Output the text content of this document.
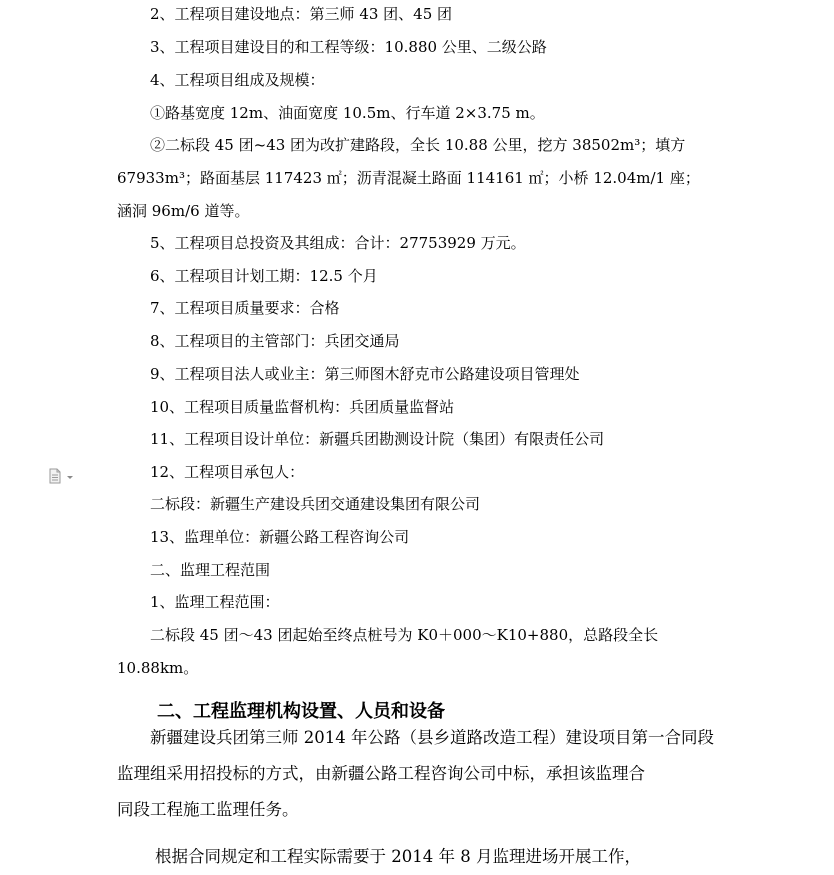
2、工程项目建设地点：第三师 43 团、45 团
3、工程项目建设目的和工程等级：10.880 公里、二级公路
4、工程项目组成及规模：
①路基宽度 12m、油面宽度 10.5m、行车道 2×3.75 m。
②二标段 45 团~43 团为改扩建路段，全长 10.88 公里，挖方 38502m³；填方
67933m³；路面基层 117423 ㎡；沥青混凝土路面 114161 ㎡；小桥 12.04m/1 座；
涵洞 96m/6 道等。
5、工程项目总投资及其组成：合计：27753929 万元。
6、工程项目计划工期：12.5 个月
7、工程项目质量要求：合格
8、工程项目的主管部门：兵团交通局
9、工程项目法人或业主：第三师图木舒克市公路建设项目管理处
10、工程项目质量监督机构：兵团质量监督站
11、工程项目设计单位：新疆兵团勘测设计院（集团）有限责任公司
12、工程项目承包人：
二标段：新疆生产建设兵团交通建设集团有限公司
13、监理单位：新疆公路工程咨询公司
二、监理工程范围
1、监理工程范围：
二标段 45 团～43 团起始至终点桩号为 K0＋000～K10+880，总路段全长
10.88km。
二、工程监理机构设置、人员和设备
新疆建设兵团第三师 2014 年公路（县乡道路改造工程）建设项目第一合同段
监理组采用招投标的方式，由新疆公路工程咨询公司中标，承担该监理合
同段工程施工监理任务。
根据合同规定和工程实际需要于 2014 年 8 月监理进场开展工作，
